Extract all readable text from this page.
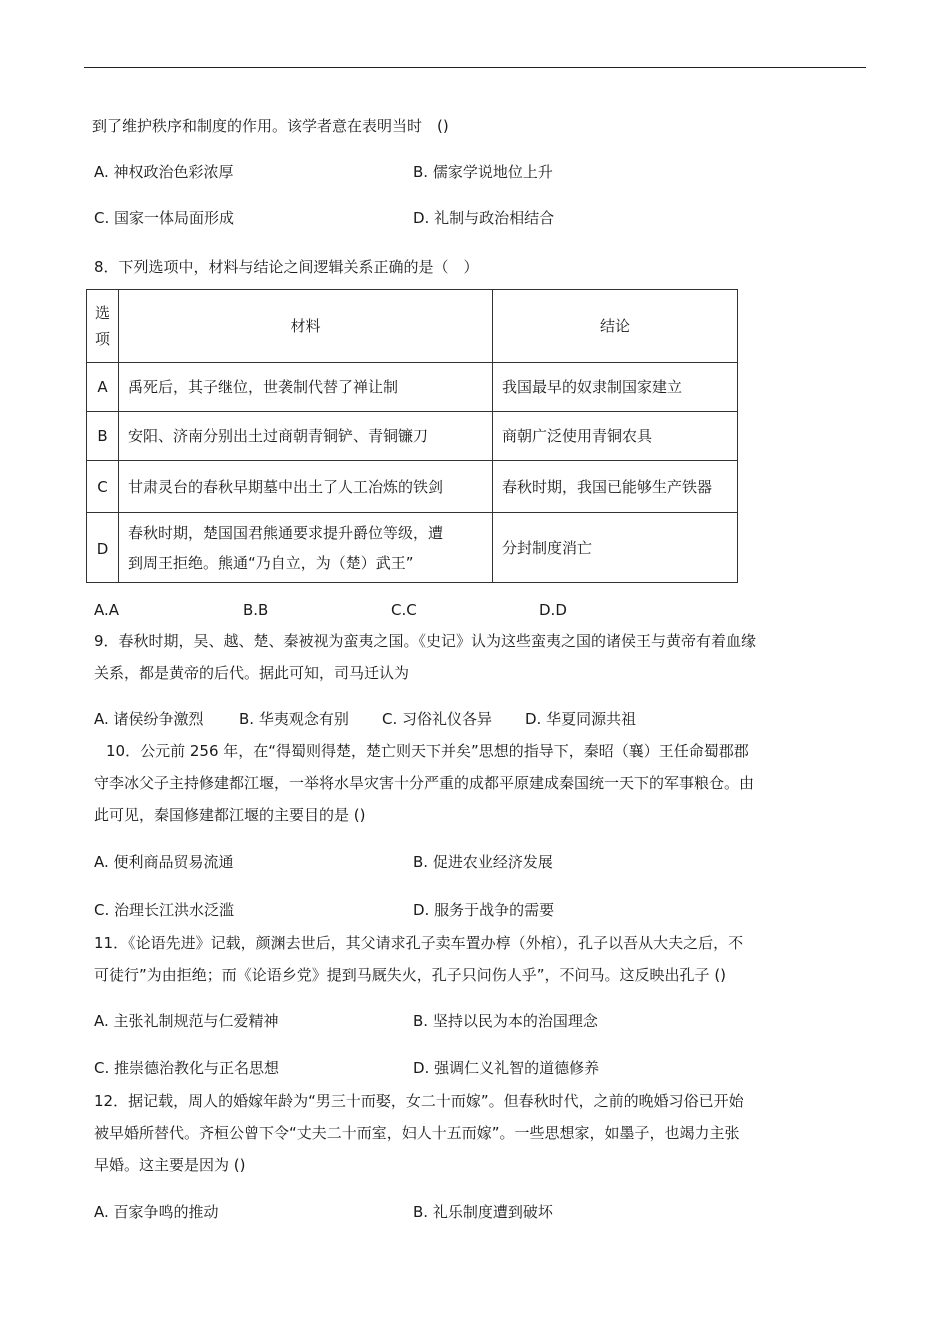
到了维护秩序和制度的作用。该学者意在表明当时　()
A. 神权政治色彩浓厚	B. 儒家学说地位上升
C. 国家一体局面形成	D. 礼制与政治相结合
8．下列选项中，材料与结论之间逻辑关系正确的是（　）
选
项	材料	结论
A	禹死后，其子继位，世袭制代替了禅让制	我国最早的奴隶制国家建立
B	安阳、济南分别出土过商朝青铜铲、青铜镰刀	商朝广泛使用青铜农具
C	甘肃灵台的春秋早期墓中出土了人工冶炼的铁剑	春秋时期，我国已能够生产铁器

D	春秋时期，楚国国君熊通要求提升爵位等级，遭
到周王拒绝。熊通“乃自立，为（楚）武王”	分封制度消亡
A.A	B.B	C.C	D.D
9．春秋时期，吴、越、楚、秦被视为蛮夷之国。《史记》认为这些蛮夷之国的诸侯王与黄帝有着血缘
关系，都是黄帝的后代。据此可知，司马迁认为
A. 诸侯纷争激烈 B. 华夷观念有别 C. 习俗礼仪各异 D. 华夏同源共祖
10．公元前 256 年，在“得蜀则得楚，楚亡则天下并矣”思想的指导下，秦昭（襄）王任命蜀郡郡
守李冰父子主持修建都江堰，一举将水旱灾害十分严重的成都平原建成秦国统一天下的军事粮仓。由
此可见，秦国修建都江堰的主要目的是 ()
A. 便利商品贸易流通	B. 促进农业经济发展
C. 治理长江洪水泛滥	D. 服务于战争的需要
11．《论语先进》记载，颜渊去世后，其父请求孔子卖车置办椁（外棺），孔子以吾从大夫之后，不
可徒行”为由拒绝；而《论语乡党》提到马厩失火，孔子只问伤人乎”，不问马。这反映出孔子 ()
A. 主张礼制规范与仁爱精神	B. 坚持以民为本的治国理念
C. 推崇德治教化与正名思想	D. 强调仁义礼智的道德修养
12．据记载，周人的婚嫁年龄为“男三十而娶，女二十而嫁”。但春秋时代，之前的晚婚习俗已开始
被早婚所替代。齐桓公曾下令“丈夫二十而室，妇人十五而嫁”。一些思想家，如墨子，也竭力主张
早婚。这主要是因为 ()
A. 百家争鸣的推动	B. 礼乐制度遭到破坏
